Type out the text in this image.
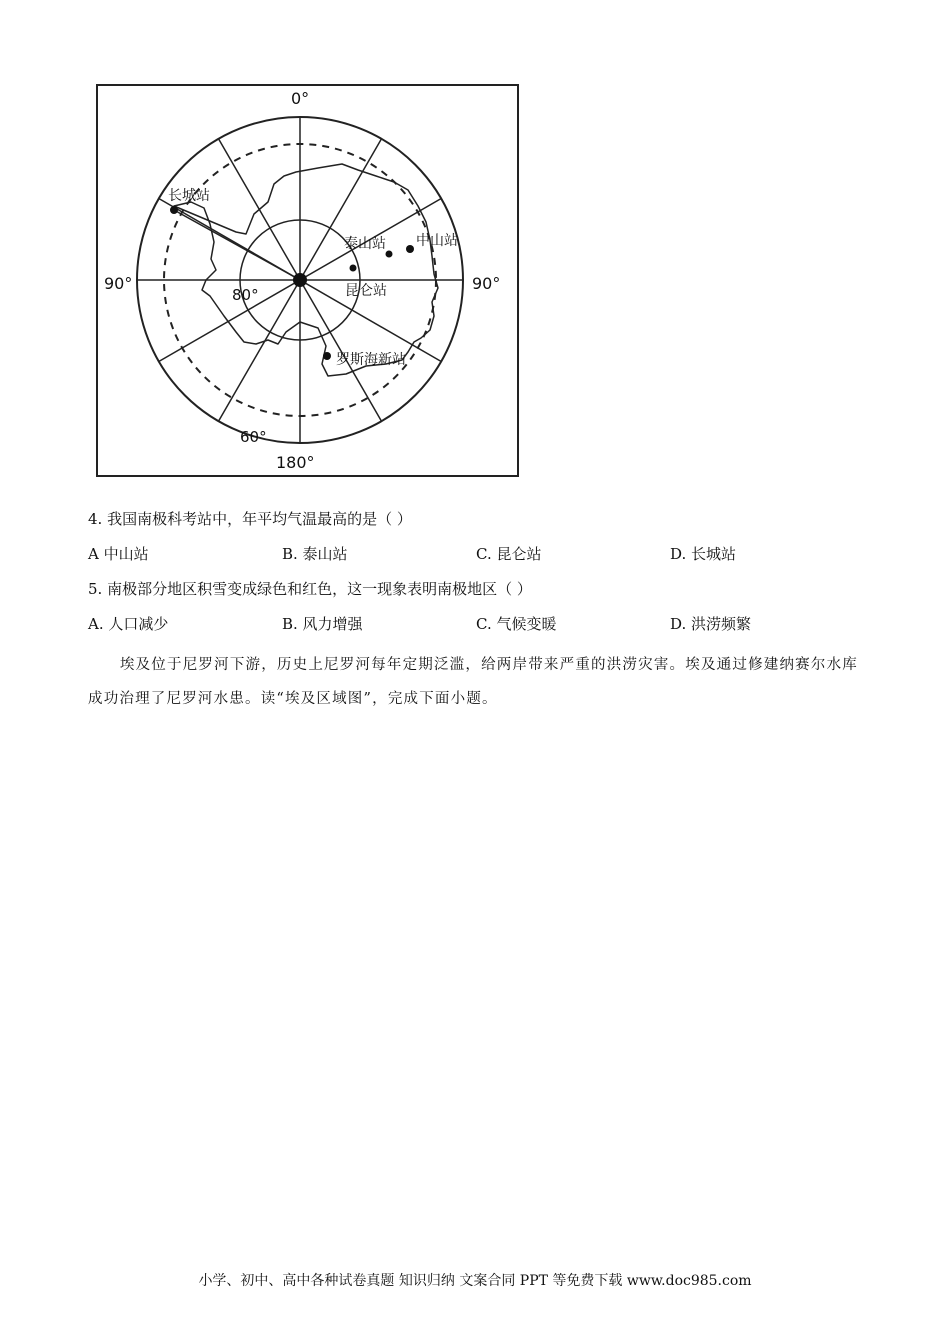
0°
180°
90°	90°
80°
60°
长城站
泰山站 中山站
昆仑站
罗斯海新站
4. 我国南极科考站中，年平均气温最高的是（ ）
A 中山站	B. 泰山站	C. 昆仑站	D. 长城站
5. 南极部分地区积雪变成绿色和红色，这一现象表明南极地区（ ）
A. 人口减少	B. 风力增强	C. 气候变暖	D. 洪涝频繁

埃及位于尼罗河下游，历史上尼罗河每年定期泛滥，给两岸带来严重的洪涝灾害。埃及通过修建纳赛尔水库成功治理了尼罗河水患。读“埃及区域图”，完成下面小题。

小学、初中、高中各种试卷真题 知识归纳 文案合同 PPT 等免费下载 www.doc985.com
